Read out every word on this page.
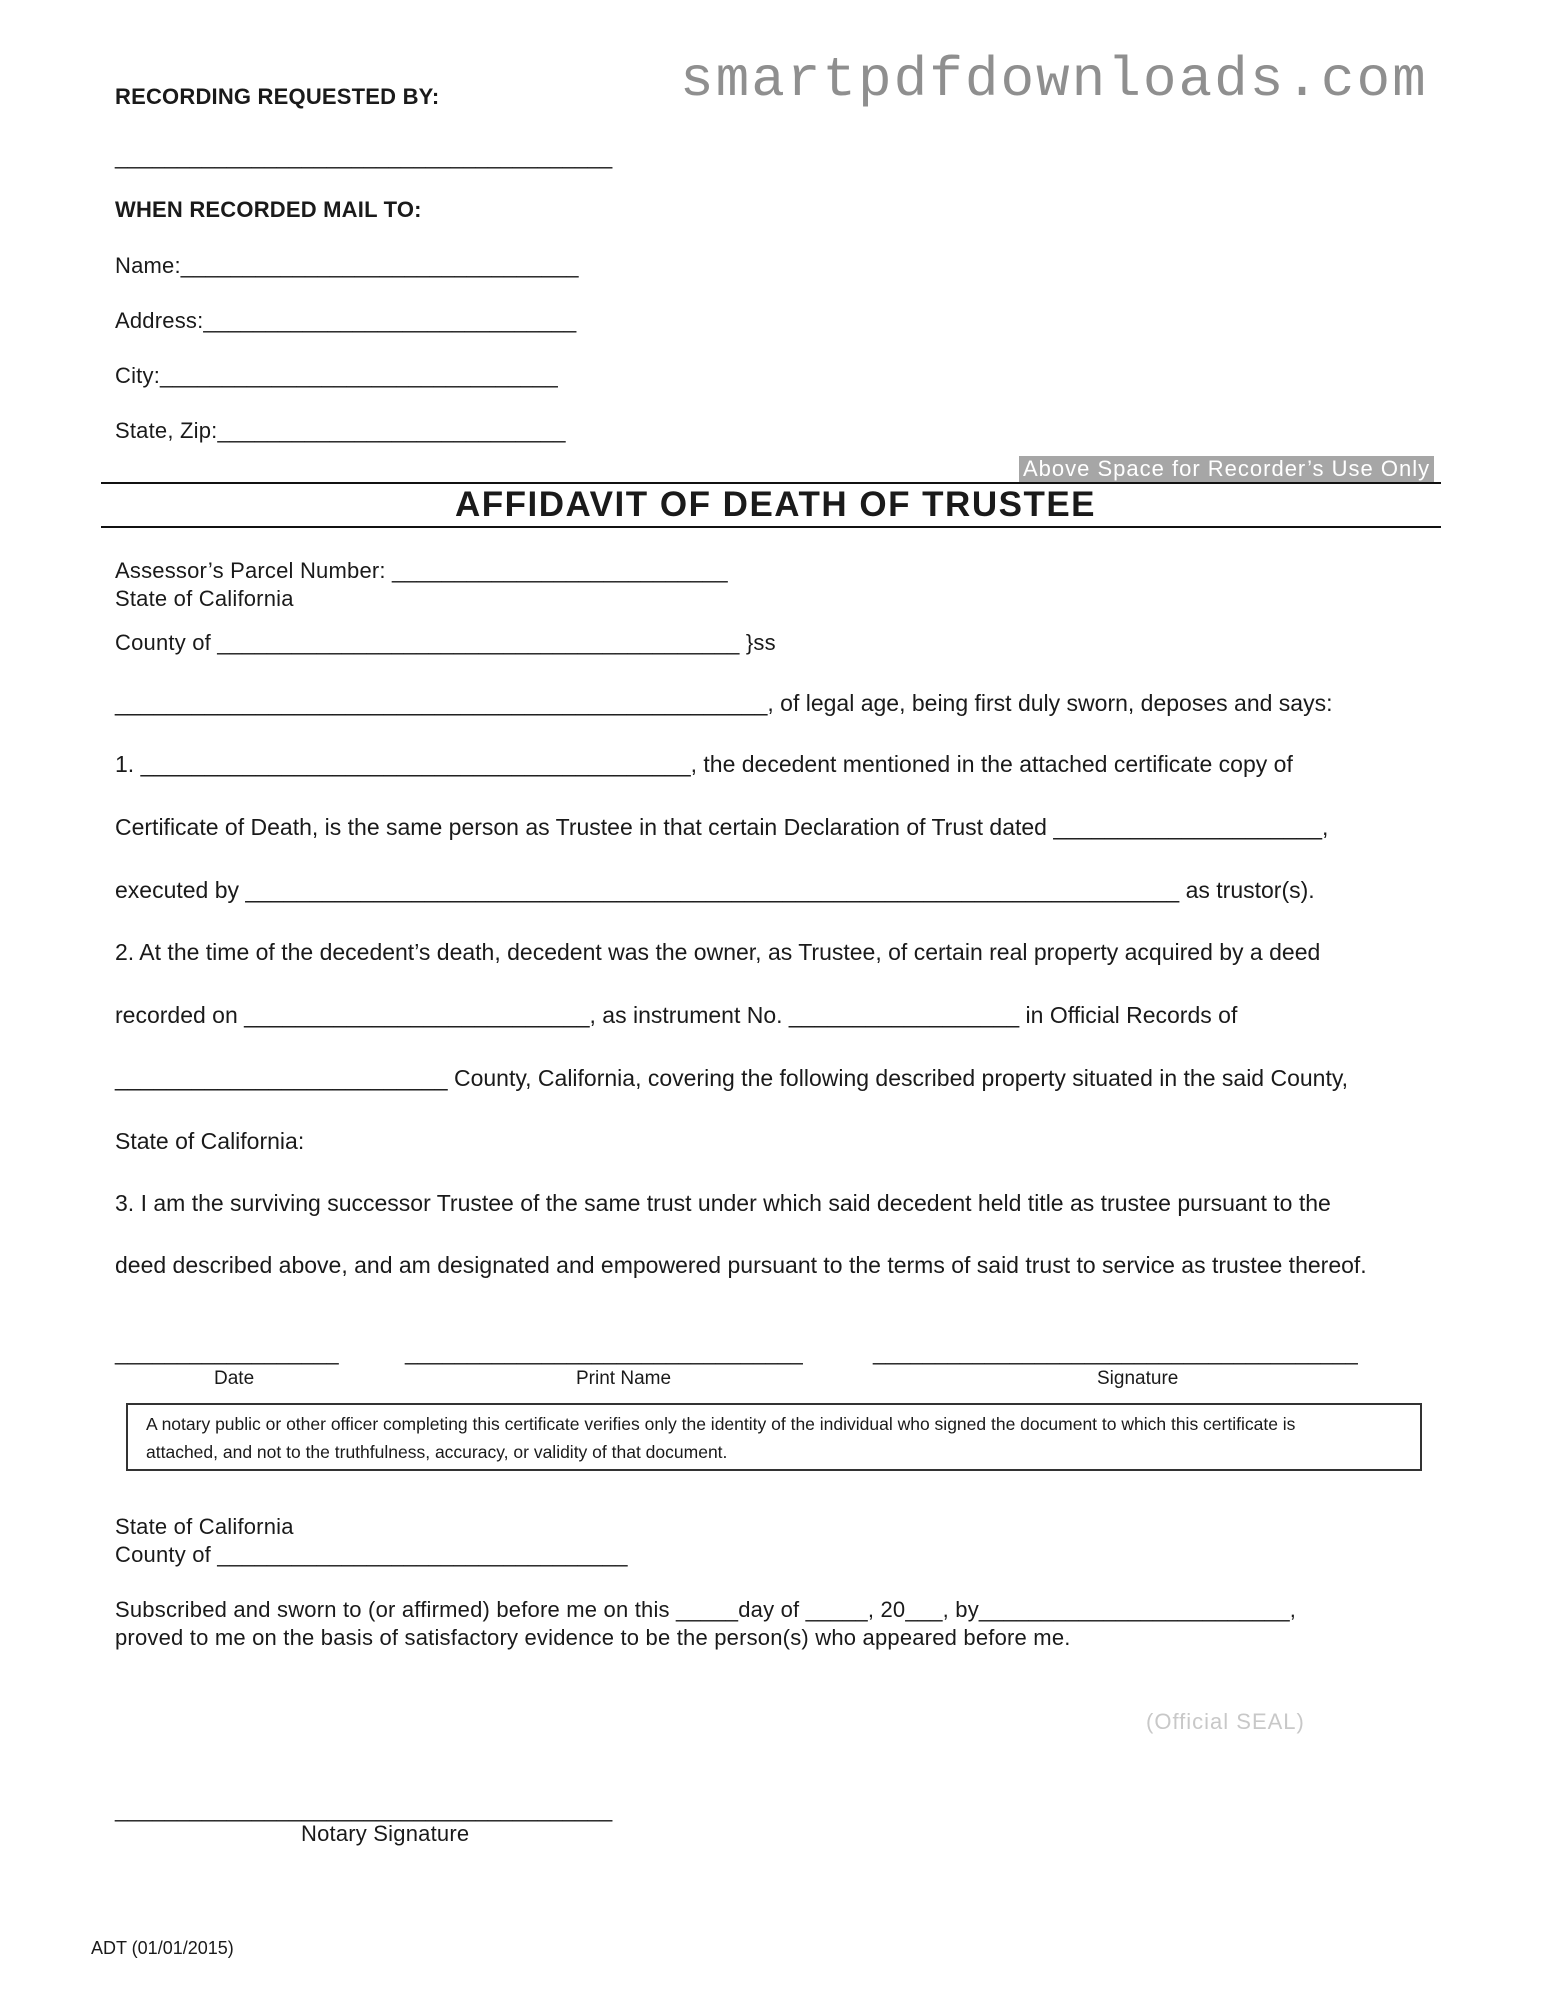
smartpdfdownloads.com
RECORDING REQUESTED BY:
________________________________________
WHEN RECORDED MAIL TO:
Name:________________________________
Address:______________________________
City:________________________________
State, Zip:____________________________
Above Space for Recorder’s Use Only
AFFIDAVIT OF DEATH OF TRUSTEE
Assessor’s Parcel Number: ___________________________
State of California
County of __________________________________________ }ss
___________________________________________________, of legal age, being first duly sworn, deposes and says:
1. ___________________________________________, the decedent mentioned in the attached certificate copy of
Certificate of Death, is the same person as Trustee in that certain Declaration of Trust dated _____________________,
executed by _________________________________________________________________________ as trustor(s).
2. At the time of the decedent’s death, decedent was the owner, as Trustee, of certain real property acquired by a deed
recorded on ___________________________, as instrument No. __________________ in Official Records of
__________________________ County, California, covering the following described property situated in the said County,
State of California:
3. I am the surviving successor Trustee of the same trust under which said decedent held title as trustee pursuant to the
deed described above, and am designated and empowered pursuant to the terms of said trust to service as trustee thereof.
__________________	________________________________	_______________________________________
Date	Print Name	Signature
A notary public or other officer completing this certificate verifies only the identity of the individual who signed the document to which this certificate is
attached, and not to the truthfulness, accuracy, or validity of that document.
State of California
County of _________________________________
Subscribed and sworn to (or affirmed) before me on this _____day of _____, 20___, by_________________________,
proved to me on the basis of satisfactory evidence to be the person(s) who appeared before me.
(Official SEAL)
________________________________________
Notary Signature
ADT (01/01/2015)
